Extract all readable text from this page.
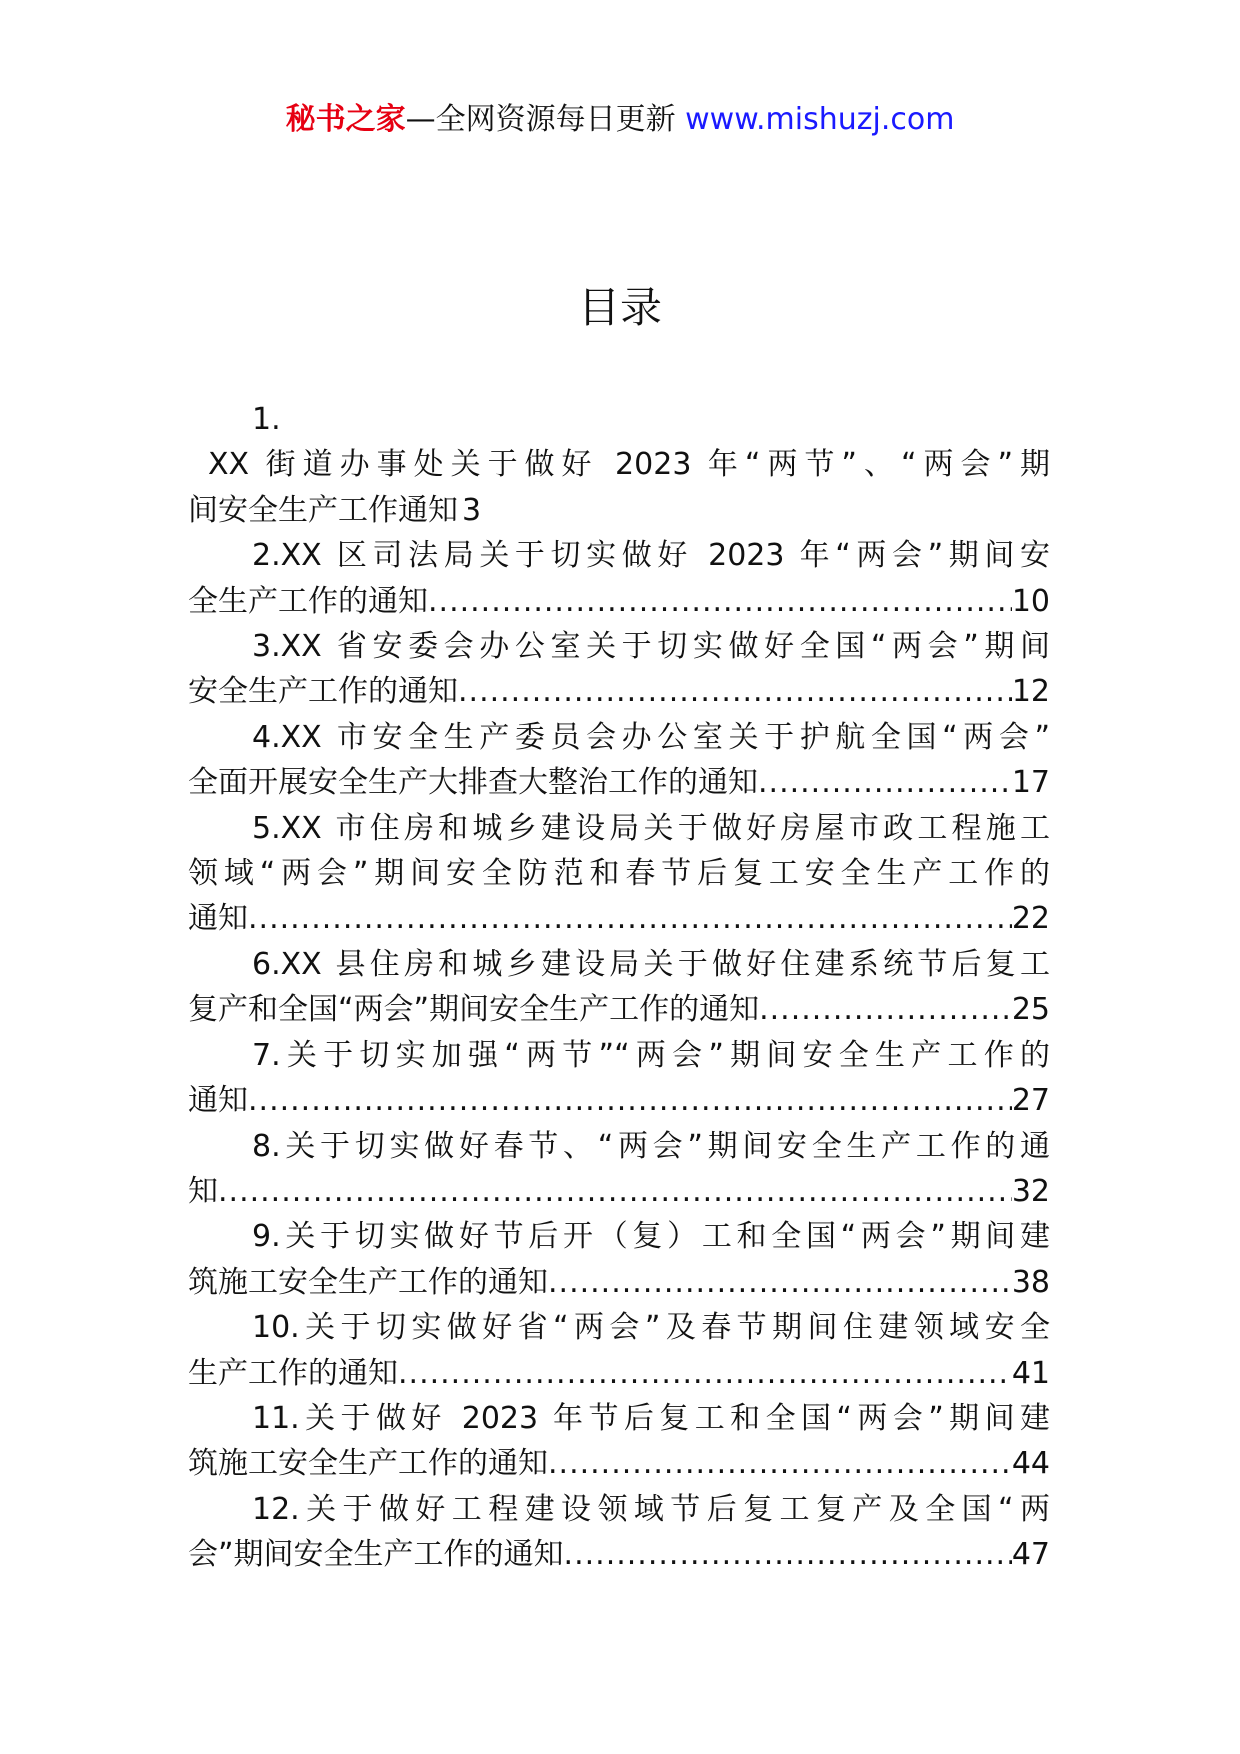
秘书之家—全网资源每日更新 www.mishuzj.com
目录
1.
XX 街道办事处关于做好 2023 年“两节”、“两会”期
间安全生产工作通知 3
2.XX 区司法局关于切实做好 2023 年“两会”期间安
全生产工作的通知 .....	10
3.XX 省安委会办公室关于切实做好全国“两会”期间
安全生产工作的通知 .....	12
4.XX 市安全生产委员会办公室关于护航全国“两会”
全面开展安全生产大排查大整治工作的通知 .....	17
5.XX 市住房和城乡建设局关于做好房屋市政工程施工
领域“两会”期间安全防范和春节后复工安全生产工作的
通知 .....	22
6.XX 县住房和城乡建设局关于做好住建系统节后复工
复产和全国“两会”期间安全生产工作的通知 .....	25
7.关于切实加强“两节”“两会”期间安全生产工作的
通知 .....	27
8.关于切实做好春节、“两会”期间安全生产工作的通
知 .....	32
9.关于切实做好节后开（复）工和全国“两会”期间建
筑施工安全生产工作的通知 .....	38
10.关于切实做好省“两会”及春节期间住建领域安全
生产工作的通知 .....	41
11.关于做好 2023 年节后复工和全国“两会”期间建
筑施工安全生产工作的通知 .....	44
12.关于做好工程建设领域节后复工复产及全国“两
会”期间安全生产工作的通知 .....	47
